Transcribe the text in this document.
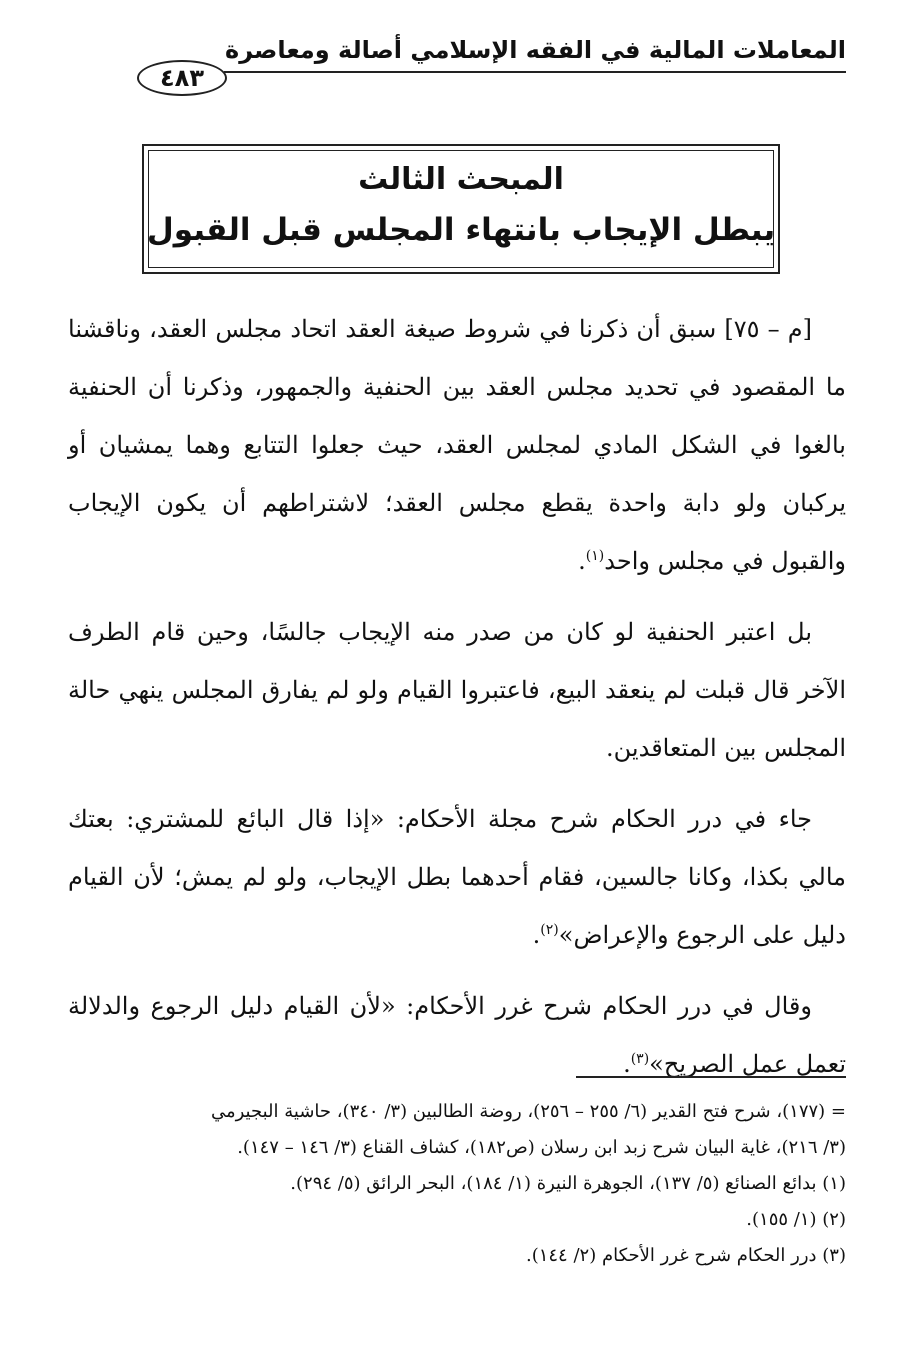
المعاملات المالية في الفقه الإسلامي أصالة ومعاصرة
٤٨٣
المبحث الثالث
يبطل الإيجاب بانتهاء المجلس قبل القبول

[م – ٧٥] سبق أن ذكرنا في شروط صيغة العقد اتحاد مجلس العقد، وناقشنا ما المقصود في تحديد مجلس العقد بين الحنفية والجمهور، وذكرنا أن الحنفية بالغوا في الشكل المادي لمجلس العقد، حيث جعلوا التتابع وهما يمشيان أو يركبان ولو دابة واحدة يقطع مجلس العقد؛ لاشتراطهم أن يكون الإيجاب والقبول في مجلس واحد$^{(١)}$.

بل اعتبر الحنفية لو كان من صدر منه الإيجاب جالسًا، وحين قام الطرف الآخر قال قبلت لم ينعقد البيع، فاعتبروا القيام ولو لم يفارق المجلس ينهي حالة المجلس بين المتعاقدين.

جاء في درر الحكام شرح مجلة الأحكام: «إذا قال البائع للمشتري: بعتك مالي بكذا، وكانا جالسين، فقام أحدهما بطل الإيجاب، ولو لم يمش؛ لأن القيام دليل على الرجوع والإعراض»$^{(٢)}$.

وقال في درر الحكام شرح غرر الأحكام: «لأن القيام دليل الرجوع والدلالة تعمل عمل الصريح»$^{(٣)}$.

= (١٧٧)، شرح فتح القدير (٦/ ٢٥٥ – ٢٥٦)، روضة الطالبين (٣/ ٣٤٠)، حاشية البجيرمي

(٣/ ٢١٦)، غاية البيان شرح زبد ابن رسلان (ص١٨٢)، كشاف القناع (٣/ ١٤٦ – ١٤٧).

(١) بدائع الصنائع (٥/ ١٣٧)، الجوهرة النيرة (١/ ١٨٤)، البحر الرائق (٥/ ٢٩٤).

(٢) (١/ ١٥٥).

(٣) درر الحكام شرح غرر الأحكام (٢/ ١٤٤).
